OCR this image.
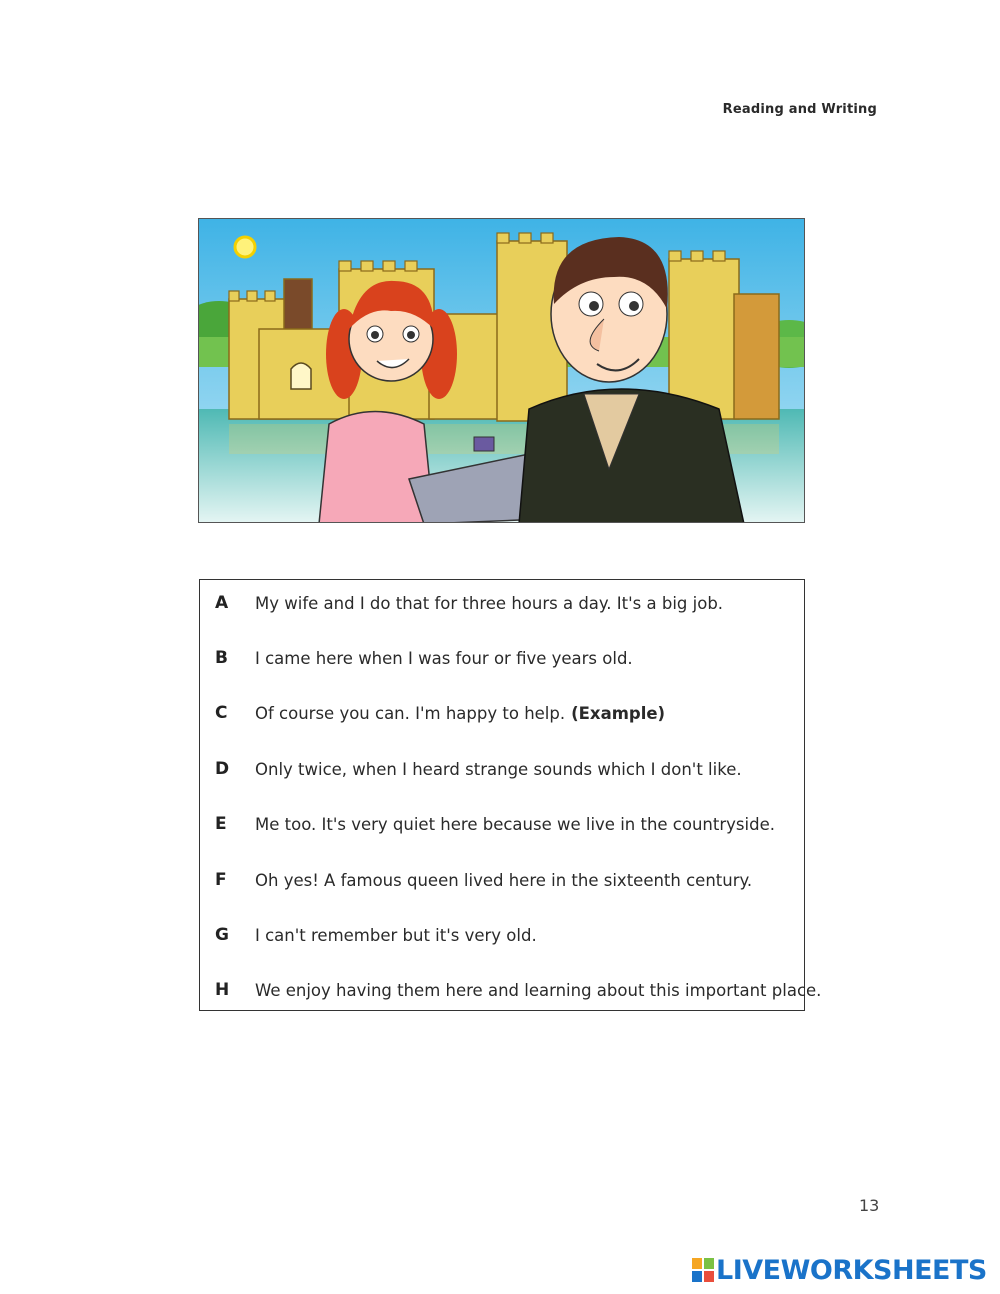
Reading and Writing
A	My wife and I do that for three hours a day. It's a big job.
B	I came here when I was four or five years old.
C	Of course you can. I'm happy to help. (Example)
D	Only twice, when I heard strange sounds which I don't like.
E	Me too. It's very quiet here because we live in the countryside.
F	Oh yes! A famous queen lived here in the sixteenth century.
G	I can't remember but it's very old.
H	We enjoy having them here and learning about this important place.
13
LIVEWORKSHEETS
